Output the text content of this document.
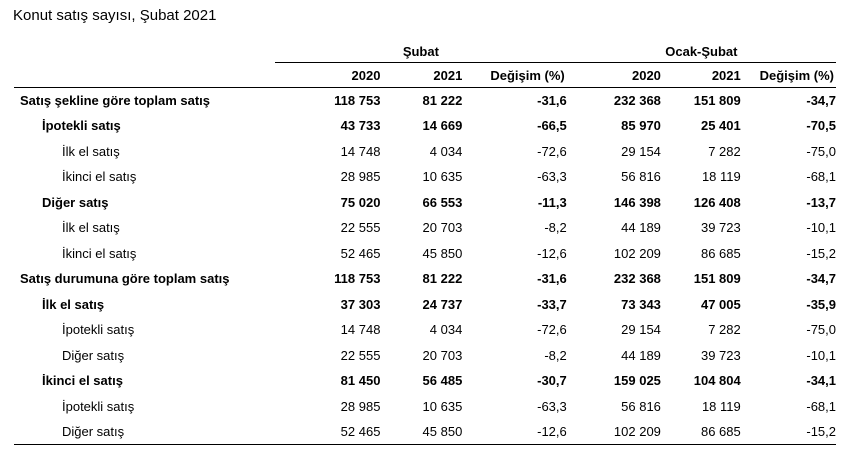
Konut satış sayısı, Şubat 2021
	Şubat			Ocak-Şubat		
	2020	2021	Değişim (%)	2020	2021	Değişim (%)
Satış şekline göre toplam satış	118 753	81 222	-31,6	232 368	151 809	-34,7
İpotekli satış	43 733	14 669	-66,5	85 970	25 401	-70,5
İlk el satış	14 748	4 034	-72,6	29 154	7 282	-75,0
İkinci el satış	28 985	10 635	-63,3	56 816	18 119	-68,1
Diğer satış	75 020	66 553	-11,3	146 398	126 408	-13,7
İlk el satış	22 555	20 703	-8,2	44 189	39 723	-10,1
İkinci el satış	52 465	45 850	-12,6	102 209	86 685	-15,2
Satış durumuna göre toplam satış	118 753	81 222	-31,6	232 368	151 809	-34,7
İlk el satış	37 303	24 737	-33,7	73 343	47 005	-35,9
İpotekli satış	14 748	4 034	-72,6	29 154	7 282	-75,0
Diğer satış	22 555	20 703	-8,2	44 189	39 723	-10,1
İkinci el satış	81 450	56 485	-30,7	159 025	104 804	-34,1
İpotekli satış	28 985	10 635	-63,3	56 816	18 119	-68,1
Diğer satış	52 465	45 850	-12,6	102 209	86 685	-15,2
